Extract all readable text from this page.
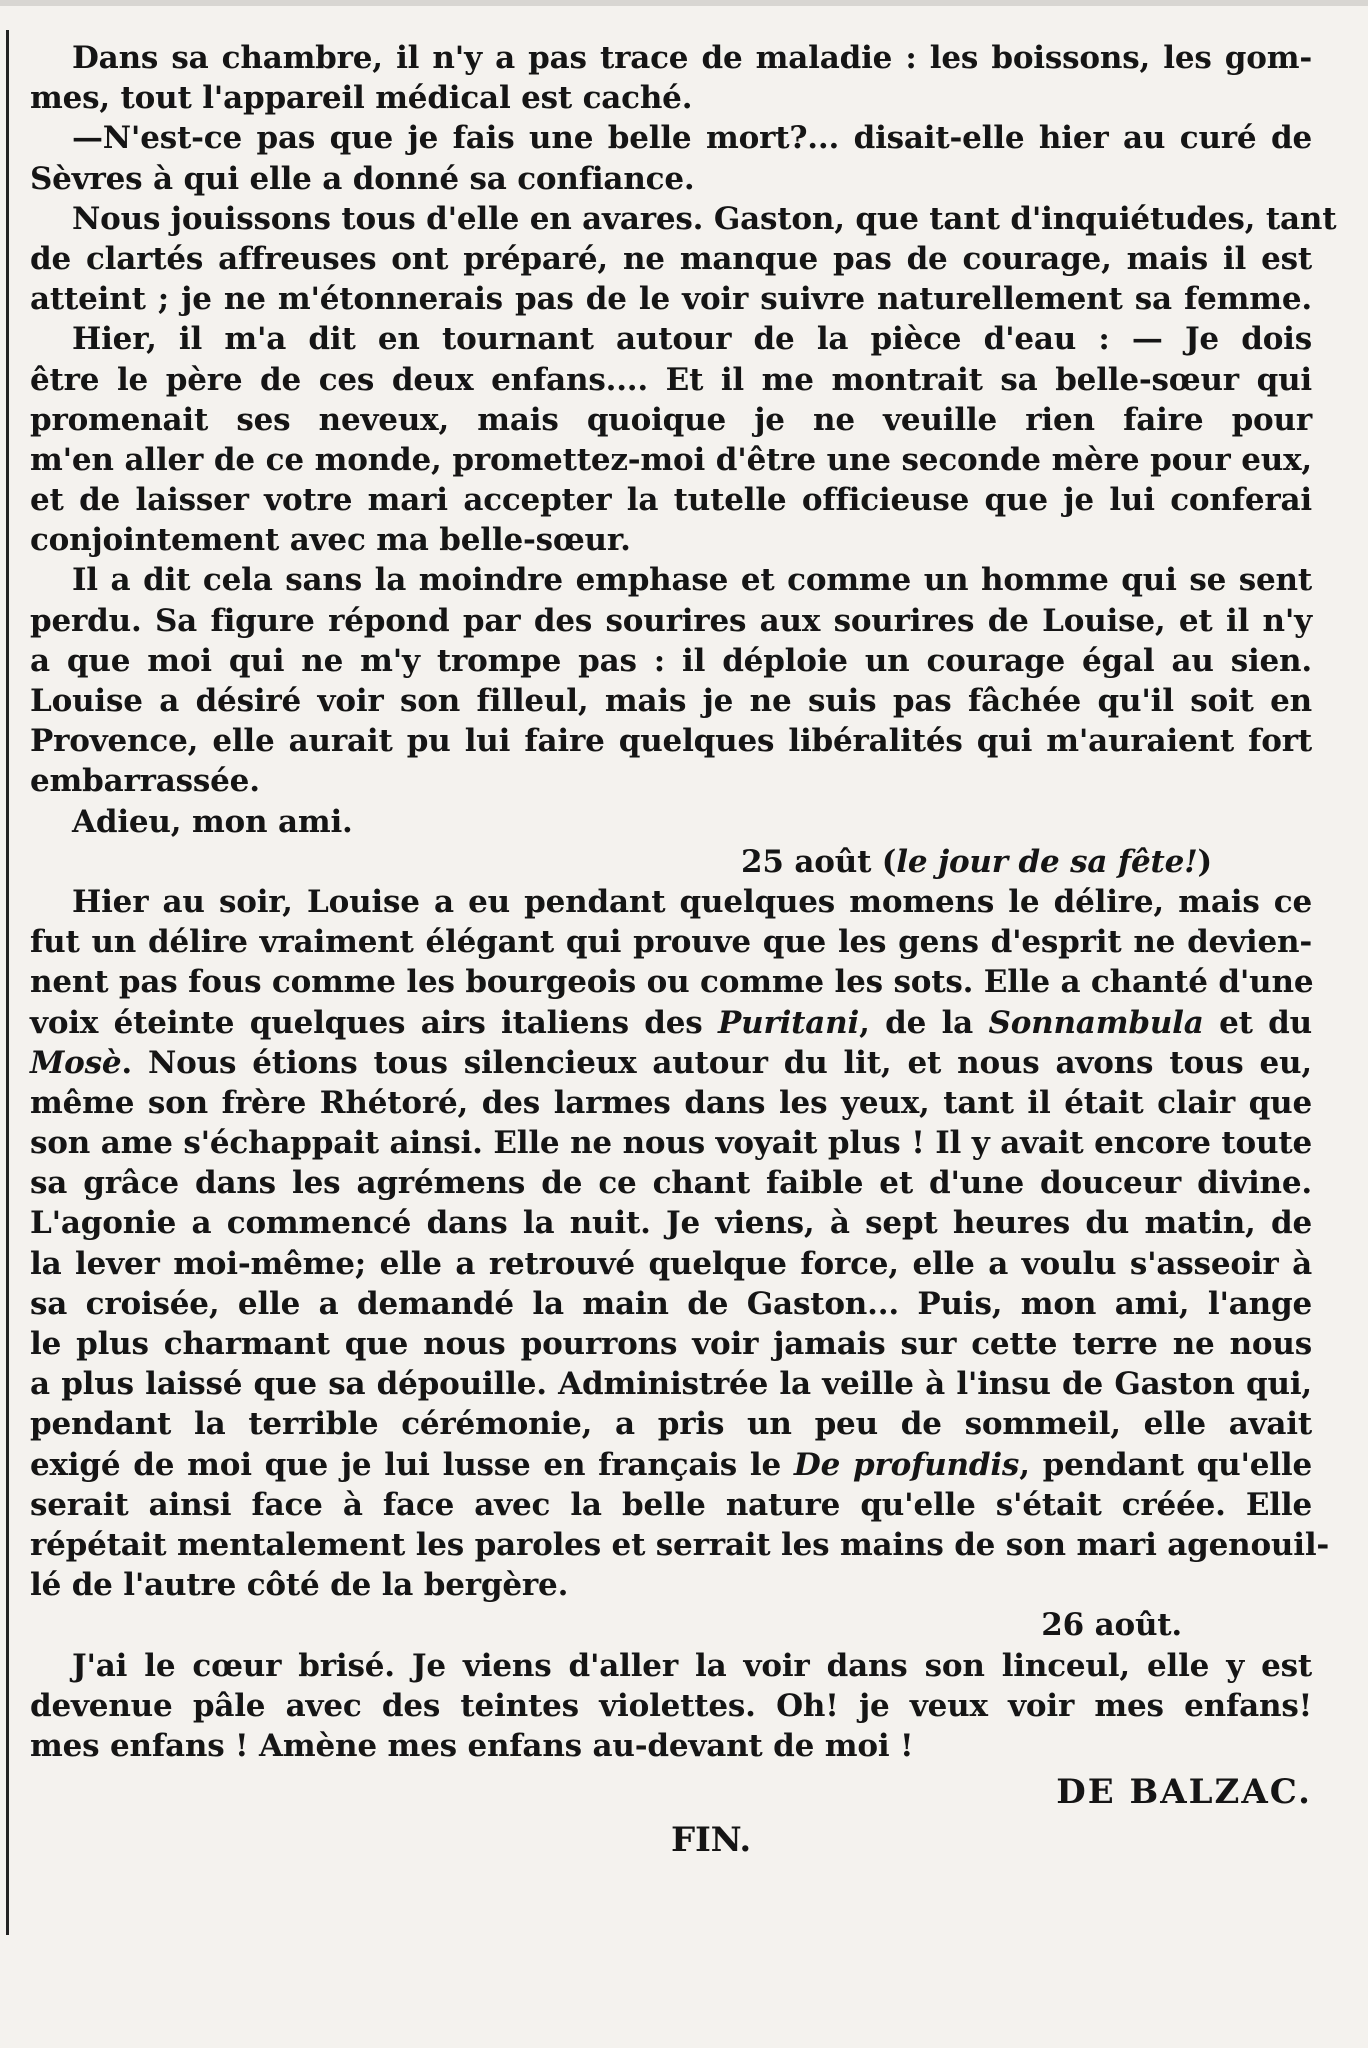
Dans sa chambre, il n'y a pas trace de maladie : les boissons, les gom-
mes, tout l'appareil médical est caché.
—N'est-ce pas que je fais une belle mort?... disait-elle hier au curé de
Sèvres à qui elle a donné sa confiance.
Nous jouissons tous d'elle en avares. Gaston, que tant d'inquiétudes, tant
de clartés affreuses ont préparé, ne manque pas de courage, mais il est
atteint ; je ne m'étonnerais pas de le voir suivre naturellement sa femme.
Hier, il m'a dit en tournant autour de la pièce d'eau : — Je dois
être le père de ces deux enfans.... Et il me montrait sa belle-sœur qui
promenait ses neveux, mais quoique je ne veuille rien faire pour
m'en aller de ce monde, promettez-moi d'être une seconde mère pour eux,
et de laisser votre mari accepter la tutelle officieuse que je lui conferai
conjointement avec ma belle-sœur.
Il a dit cela sans la moindre emphase et comme un homme qui se sent
perdu. Sa figure répond par des sourires aux sourires de Louise, et il n'y
a que moi qui ne m'y trompe pas : il déploie un courage égal au sien.
Louise a désiré voir son filleul, mais je ne suis pas fâchée qu'il soit en
Provence, elle aurait pu lui faire quelques libéralités qui m'auraient fort
embarrassée.
Adieu, mon ami.
25 août (le jour de sa fête!)
Hier au soir, Louise a eu pendant quelques momens le délire, mais ce
fut un délire vraiment élégant qui prouve que les gens d'esprit ne devien-
nent pas fous comme les bourgeois ou comme les sots. Elle a chanté d'une
voix éteinte quelques airs italiens des Puritani, de la Sonnambula et du
Mosè. Nous étions tous silencieux autour du lit, et nous avons tous eu,
même son frère Rhétoré, des larmes dans les yeux, tant il était clair que
son ame s'échappait ainsi. Elle ne nous voyait plus ! Il y avait encore toute
sa grâce dans les agrémens de ce chant faible et d'une douceur divine.
L'agonie a commencé dans la nuit. Je viens, à sept heures du matin, de
la lever moi-même; elle a retrouvé quelque force, elle a voulu s'asseoir à
sa croisée, elle a demandé la main de Gaston... Puis, mon ami, l'ange
le plus charmant que nous pourrons voir jamais sur cette terre ne nous
a plus laissé que sa dépouille. Administrée la veille à l'insu de Gaston qui,
pendant la terrible cérémonie, a pris un peu de sommeil, elle avait
exigé de moi que je lui lusse en français le De profundis, pendant qu'elle
serait ainsi face à face avec la belle nature qu'elle s'était créée. Elle
répétait mentalement les paroles et serrait les mains de son mari agenouil-
lé de l'autre côté de la bergère.
26 août.
J'ai le cœur brisé. Je viens d'aller la voir dans son linceul, elle y est
devenue pâle avec des teintes violettes. Oh! je veux voir mes enfans!
mes enfans ! Amène mes enfans au-devant de moi !
DE BALZAC.
FIN.
